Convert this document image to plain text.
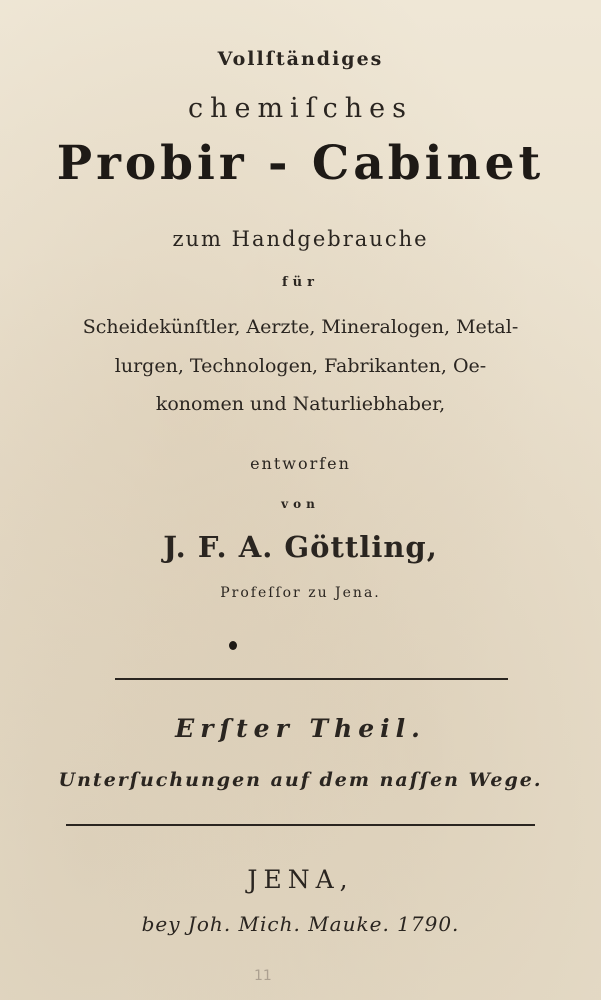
Vollſtändiges
chemiſches
Probir - Cabinet
zum Handgebrauche
für
Scheidekünſtler, Aerzte, Mineralogen, Metal-
lurgen, Technologen, Fabrikanten, Oe-
konomen und Naturliebhaber,
entworfen
von
J. F. A. Göttling,
Profeſſor zu Jena.
Erſter Theil.
Unterſuchungen auf dem naſſen Wege.
JENA,
bey Joh. Mich. Mauke. 1790.
11
